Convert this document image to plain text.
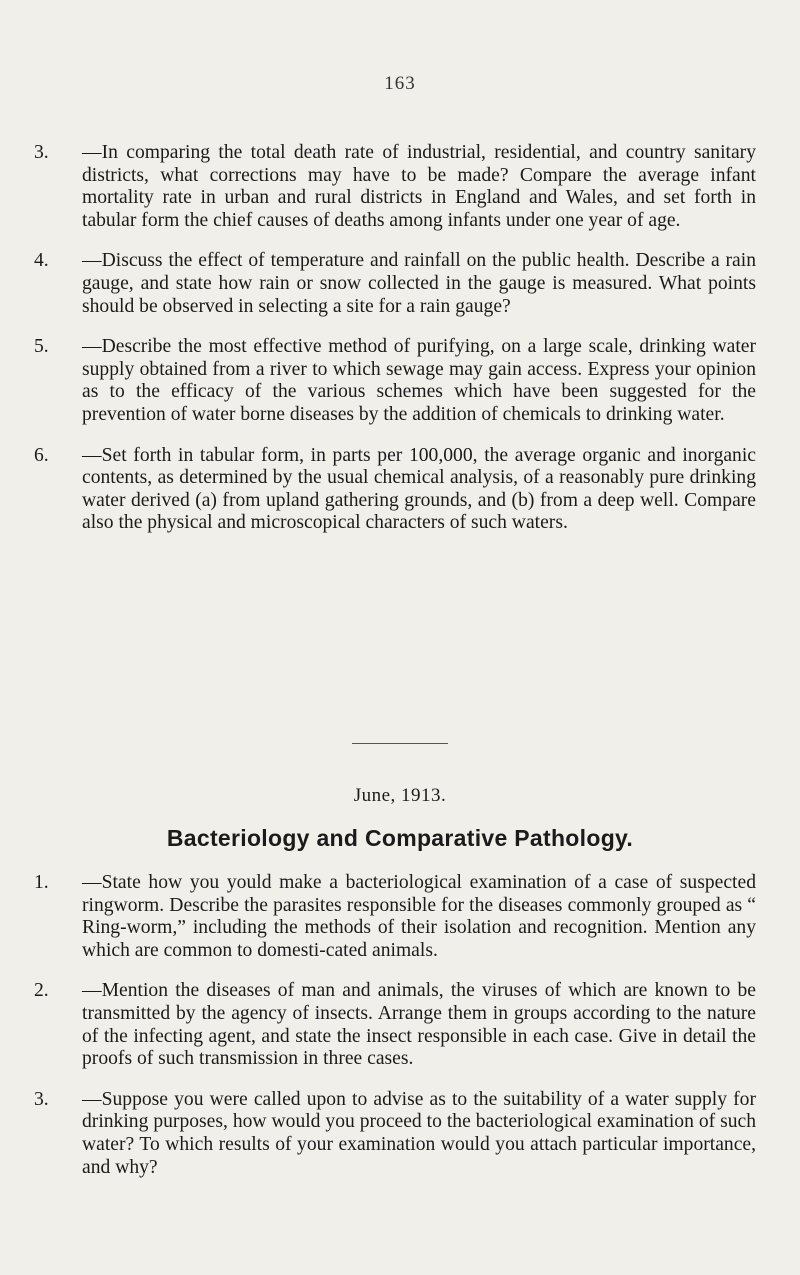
163

3.	—In comparing the total death rate of industrial, residential, and country sanitary districts, what corrections may have to be made? Compare the average infant mortality rate in urban and rural districts in England and Wales, and set forth in tabular form the chief causes of deaths among infants under one year of age.

4.	—Discuss the effect of temperature and rainfall on the public health. Describe a rain gauge, and state how rain or snow collected in the gauge is measured. What points should be observed in selecting a site for a rain gauge?

5.	—Describe the most effective method of purifying, on a large scale, drinking water supply obtained from a river to which sewage may gain access. Express your opinion as to the efficacy of the various schemes which have been suggested for the prevention of water borne diseases by the addition of chemicals to drinking water.

6.	—Set forth in tabular form, in parts per 100,000, the average organic and inorganic contents, as determined by the usual chemical analysis, of a reasonably pure drinking water derived (a) from upland gathering grounds, and (b) from a deep well. Compare also the physical and microscopical characters of such waters.

June, 1913.
Bacteriology and Comparative Pathology.

1.	—State how you yould make a bacteriological examination of a case of suspected ringworm. Describe the parasites responsible for the diseases commonly grouped as “ Ring-worm,” including the methods of their isolation and recognition. Mention any which are common to domesti-cated animals.

2.	—Mention the diseases of man and animals, the viruses of which are known to be transmitted by the agency of insects. Arrange them in groups according to the nature of the infecting agent, and state the insect responsible in each case. Give in detail the proofs of such transmission in three cases.

3.	—Suppose you were called upon to advise as to the suitability of a water supply for drinking purposes, how would you proceed to the bacteriological examination of such water? To which results of your examination would you attach particular importance, and why?
